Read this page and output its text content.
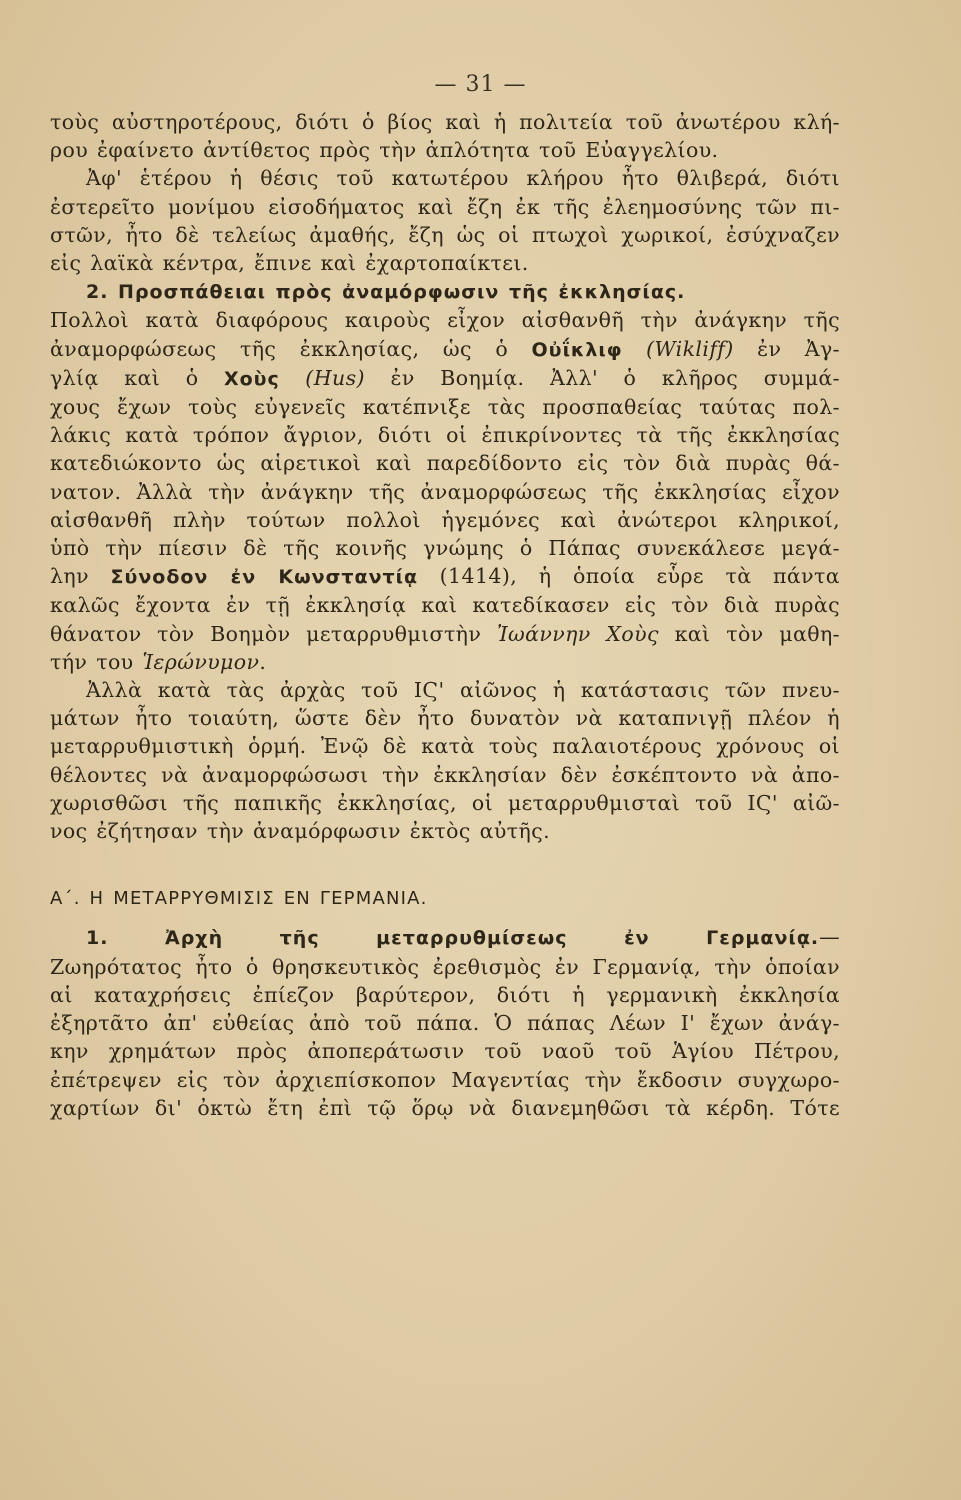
— 31 —
τοὺς αὐστηροτέρους, διότι ὁ βίος καὶ ἡ πολιτεία τοῦ ἀνωτέρου κλή-
ρου ἐφαίνετο ἀντίθετος πρὸς τὴν ἁπλότητα τοῦ Εὐαγγελίου.
Ἀφ' ἑτέρου ἡ θέσις τοῦ κατωτέρου κλήρου ἦτο θλιβερά, διότι
ἐστερεῖτο μονίμου εἰσοδήματος καὶ ἔζη ἐκ τῆς ἐλεημοσύνης τῶν πι-
στῶν, ἦτο δὲ τελείως ἀμαθής, ἔζη ὡς οἱ πτωχοὶ χωρικοί, ἐσύχναζεν
εἰς λαϊκὰ κέντρα, ἔπινε καὶ ἐχαρτοπαίκτει.
2. Προσπάθειαι πρὸς ἀναμόρφωσιν τῆς ἐκκλησίας.
Πολλοὶ κατὰ διαφόρους καιροὺς εἶχον αἰσθανθῆ τὴν ἀνάγκην τῆς
ἀναμορφώσεως τῆς ἐκκλησίας, ὡς ὁ Οὐΐκλιφ (Wikliff) ἐν Ἀγ-
γλίᾳ καὶ ὁ Χοὺς (Hus) ἐν Βοημίᾳ. Ἀλλ' ὁ κλῆρος συμμά-
χους ἔχων τοὺς εὐγενεῖς κατέπνιξε τὰς προσπαθείας ταύτας πολ-
λάκις κατὰ τρόπον ἄγριον, διότι οἱ ἐπικρίνοντες τὰ τῆς ἐκκλησίας
κατεδιώκοντο ὡς αἱρετικοὶ καὶ παρεδίδοντο εἰς τὸν διὰ πυρὰς θά-
νατον. Ἀλλὰ τὴν ἀνάγκην τῆς ἀναμορφώσεως τῆς ἐκκλησίας εἶχον
αἰσθανθῆ πλὴν τούτων πολλοὶ ἡγεμόνες καὶ ἀνώτεροι κληρικοί,
ὑπὸ τὴν πίεσιν δὲ τῆς κοινῆς γνώμης ὁ Πάπας συνεκάλεσε μεγά-
λην Σύνοδον ἐν Κωνσταντίᾳ (1414), ἡ ὁποία εὗρε τὰ πάντα
καλῶς ἔχοντα ἐν τῇ ἐκκλησίᾳ καὶ κατεδίκασεν εἰς τὸν διὰ πυρὰς
θάνατον τὸν Βοημὸν μεταρρυθμιστὴν Ἰωάννην Χοὺς καὶ τὸν μαθη-
τήν του Ἱερώνυμον.
Ἀλλὰ κατὰ τὰς ἀρχὰς τοῦ ΙϚ' αἰῶνος ἡ κατάστασις τῶν πνευ-
μάτων ἦτο τοιαύτη, ὥστε δὲν ἦτο δυνατὸν νὰ καταπνιγῇ πλέον ἡ
μεταρρυθμιστικὴ ὁρμή. Ἐνῷ δὲ κατὰ τοὺς παλαιοτέρους χρόνους οἱ
θέλοντες νὰ ἀναμορφώσωσι τὴν ἐκκλησίαν δὲν ἐσκέπτοντο νὰ ἀπο-
χωρισθῶσι τῆς παπικῆς ἐκκλησίας, οἱ μεταρρυθμισταὶ τοῦ ΙϚ' αἰῶ-
νος ἐζήτησαν τὴν ἀναμόρφωσιν ἐκτὸς αὐτῆς.
Α΄. Η ΜΕΤΑΡΡΥΘΜΙΣΙΣ ΕΝ ΓΕΡΜΑΝΙΑ.
1. Ἀρχὴ τῆς μεταρρυθμίσεως ἐν Γερμανίᾳ.—
Ζωηρότατος ἦτο ὁ θρησκευτικὸς ἐρεθισμὸς ἐν Γερμανίᾳ, τὴν ὁποίαν
αἱ καταχρήσεις ἐπίεζον βαρύτερον, διότι ἡ γερμανικὴ ἐκκλησία
ἐξηρτᾶτο ἀπ' εὐθείας ἀπὸ τοῦ πάπα. Ὁ πάπας Λέων Ι' ἔχων ἀνάγ-
κην χρημάτων πρὸς ἀποπεράτωσιν τοῦ ναοῦ τοῦ Ἁγίου Πέτρου,
ἐπέτρεψεν εἰς τὸν ἀρχιεπίσκοπον Μαγεντίας τὴν ἔκδοσιν συγχωρο-
χαρτίων δι' ὀκτὼ ἔτη ἐπὶ τῷ ὅρῳ νὰ διανεμηθῶσι τὰ κέρδη. Τότε
